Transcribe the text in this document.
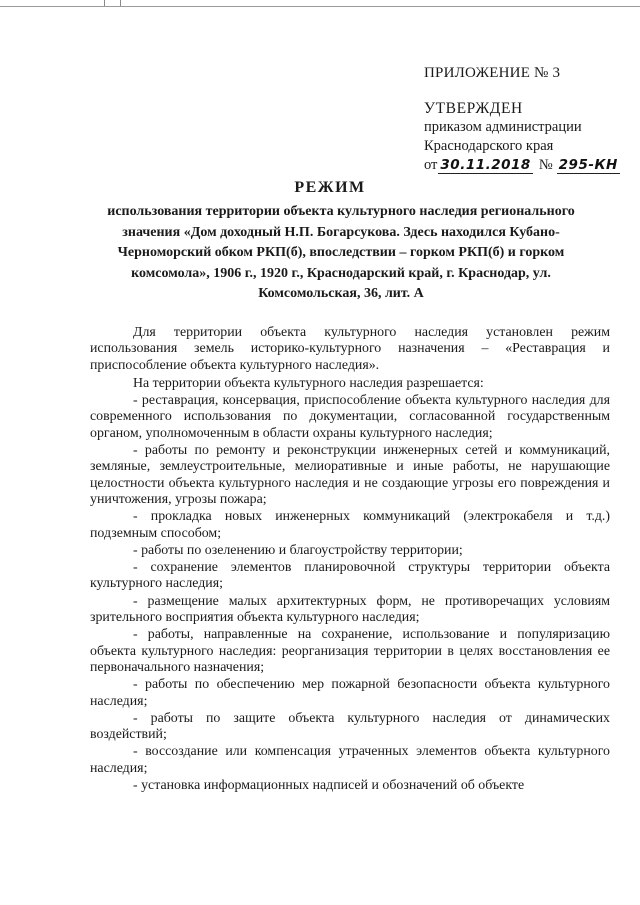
ПРИЛОЖЕНИЕ № 3
УТВЕРЖДЕН
приказом администрации
Краснодарского края
от 30.11.2018 № 295-КН
РЕЖИМ
использования территории объекта культурного наследия регионального значения «Дом доходный Н.П. Богарсукова. Здесь находился Кубано-Черноморский обком РКП(б), впоследствии – горком РКП(б) и горком комсомола», 1906 г., 1920 г., Краснодарский край, г. Краснодар, ул. Комсомольская, 36, лит. А

Для территории объекта культурного наследия установлен режим использования земель историко-культурного назначения – «Реставрация и приспособление объекта культурного наследия».

На территории объекта культурного наследия разрешается:

- реставрация, консервация, приспособление объекта культурного наследия для современного использования по документации, согласованной государственным органом, уполномоченным в области охраны культурного наследия;

- работы по ремонту и реконструкции инженерных сетей и коммуникаций, земляные, землеустроительные, мелиоративные и иные работы, не нарушающие целостности объекта культурного наследия и не создающие угрозы его повреждения и уничтожения, угрозы пожара;

- прокладка новых инженерных коммуникаций (электрокабеля и т.д.) подземным способом;

- работы по озеленению и благоустройству территории;

- сохранение элементов планировочной структуры территории объекта культурного наследия;

- размещение малых архитектурных форм, не противоречащих условиям зрительного восприятия объекта культурного наследия;

- работы, направленные на сохранение, использование и популяризацию объекта культурного наследия: реорганизация территории в целях восстановления ее первоначального назначения;

- работы по обеспечению мер пожарной безопасности объекта культурного наследия;

- работы по защите объекта культурного наследия от динамических воздействий;

- воссоздание или компенсация утраченных элементов объекта культурного наследия;

- установка информационных надписей и обозначений об объекте
